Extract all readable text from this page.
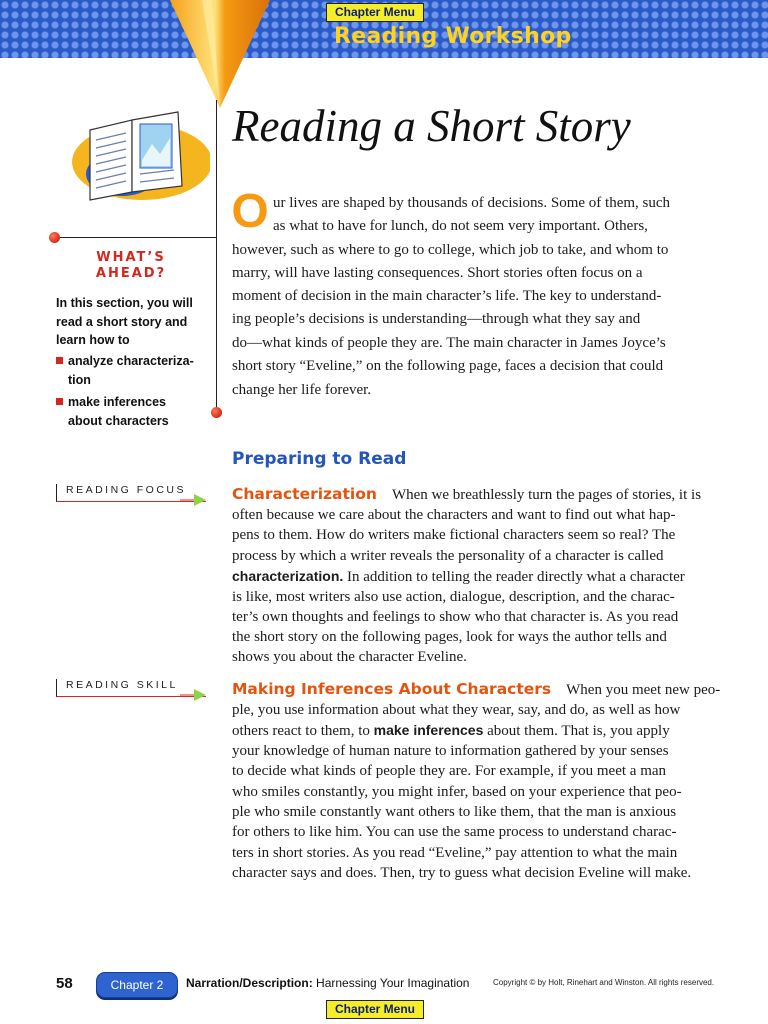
Chapter Menu
Reading Workshop
WHAT’S
AHEAD?
In this section, you will read a short story and learn how to
analyze characteriza-
tion
make inferences
about characters
Reading a Short Story
O ur lives are shaped by thousands of decisions. Some of them, such
as what to have for lunch, do not seem very important. Others,
however, such as where to go to college, which job to take, and whom to
marry, will have lasting consequences. Short stories often focus on a
moment of decision in the main character’s life. The key to understand-
ing people’s decisions is understanding—through what they say and
do—what kinds of people they are. The main character in James Joyce’s
short story “Eveline,” on the following page, faces a decision that could
change her life forever.
Preparing to Read
READING FOCUS	Characterization When we breathlessly turn the pages of stories, it is
often because we care about the characters and want to find out what hap-
pens to them. How do writers make fictional characters seem so real? The
process by which a writer reveals the personality of a character is called
characterization. In addition to telling the reader directly what a character
is like, most writers also use action, dialogue, description, and the charac-
ter’s own thoughts and feelings to show who that character is. As you read
the short story on the following pages, look for ways the author tells and
shows you about the character Eveline.
READING SKILL	Making Inferences About Characters When you meet new peo-
ple, you use information about what they wear, say, and do, as well as how
others react to them, to make inferences about them. That is, you apply
your knowledge of human nature to information gathered by your senses
to decide what kinds of people they are. For example, if you meet a man
who smiles constantly, you might infer, based on your experience that peo-
ple who smile constantly want others to like them, that the man is anxious
for others to like him. You can use the same process to understand charac-
ters in short stories. As you read “Eveline,” pay attention to what the main
character says and does. Then, try to guess what decision Eveline will make.
58	Chapter 2	Narration/Description: Harnessing Your Imagination	Copyright © by Holt, Rinehart and Winston. All rights reserved.
Chapter Menu
